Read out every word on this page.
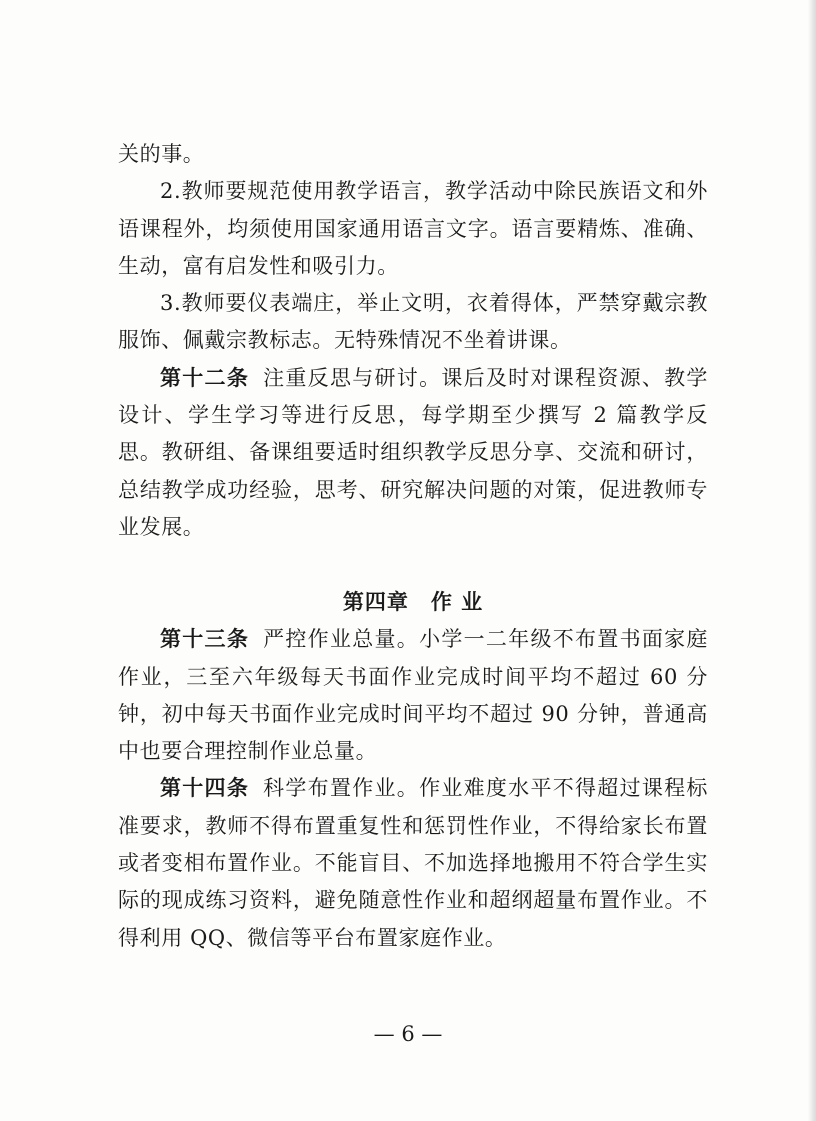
关的事。

2.教师要规范使用教学语言，教学活动中除民族语文和外语课程外，均须使用国家通用语言文字。语言要精炼、准确、生动，富有启发性和吸引力。

3.教师要仪表端庄，举止文明，衣着得体，严禁穿戴宗教服饰、佩戴宗教标志。无特殊情况不坐着讲课。

第十二条 注重反思与研讨。课后及时对课程资源、教学设计、学生学习等进行反思，每学期至少撰写 2 篇教学反思。教研组、备课组要适时组织教学反思分享、交流和研讨，总结教学成功经验，思考、研究解决问题的对策，促进教师专业发展。

第四章　作 业

第十三条 严控作业总量。小学一二年级不布置书面家庭作业，三至六年级每天书面作业完成时间平均不超过 60 分钟，初中每天书面作业完成时间平均不超过 90 分钟，普通高中也要合理控制作业总量。

第十四条 科学布置作业。作业难度水平不得超过课程标准要求，教师不得布置重复性和惩罚性作业，不得给家长布置或者变相布置作业。不能盲目、不加选择地搬用不符合学生实际的现成练习资料，避免随意性作业和超纲超量布置作业。不得利用 QQ、微信等平台布置家庭作业。

— 6 —
